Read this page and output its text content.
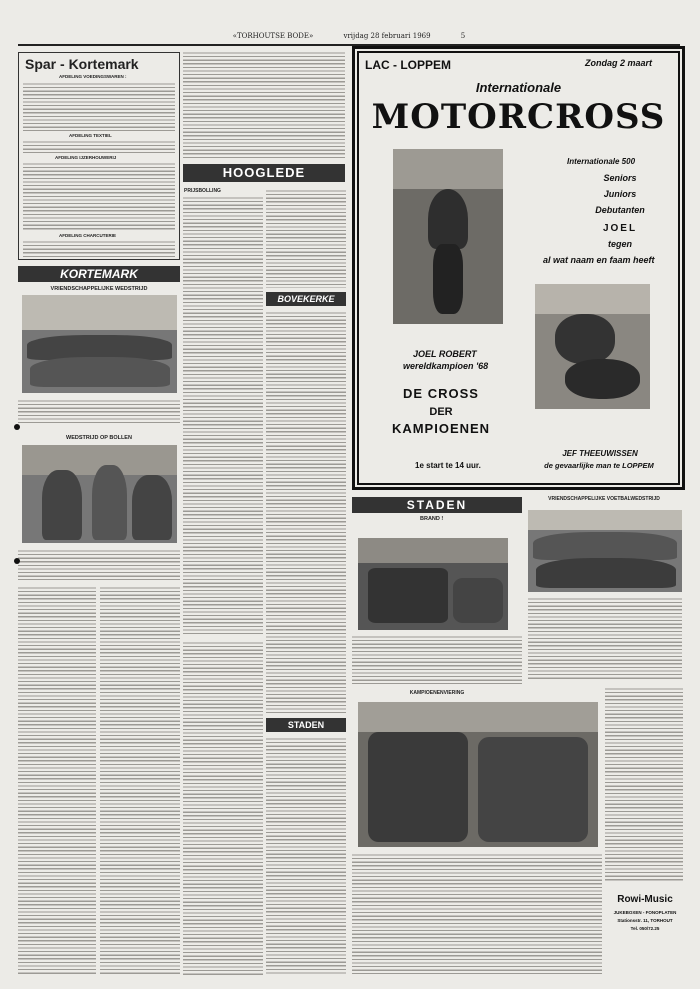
«TORHOUTSE BODE»	vrijdag 28 februari 1969	5
Spar - Kortemark
AFDELING VOEDINGSWAREN :
AFDELING TEXTIEL
AFDELING IJZERHOUWERIJ
AFDELING CHARCUTERIE
KORTEMARK
VRIENDSCHAPPELIJKE WEDSTRIJD
WEDSTRIJD OP BOLLEN
HOOGLEDE
PRIJSBOLLING
BOVEKERKE
STADEN
LAC - LOPPEM	Zondag 2 maart
Internationale
MOTORCROSS
Internationale 500
Seniors
Juniors
Debutanten
JOEL
tegen
al wat naam en faam heeft
JOEL ROBERT
wereldkampioen '68
DE CROSS
DER
KAMPIOENEN
1e start te 14 uur.
JEF THEEUWISSEN
de gevaarlijke man te LOPPEM
STADEN
BRAND !
VRIENDSCHAPPELIJKE VOETBALWEDSTRIJD
KAMPIOENENVIERING
Rowi-Music
JUKEBOXEN - FONOPLATEN
Stationsstr. 11, TORHOUT
Tel. 050/72.25
